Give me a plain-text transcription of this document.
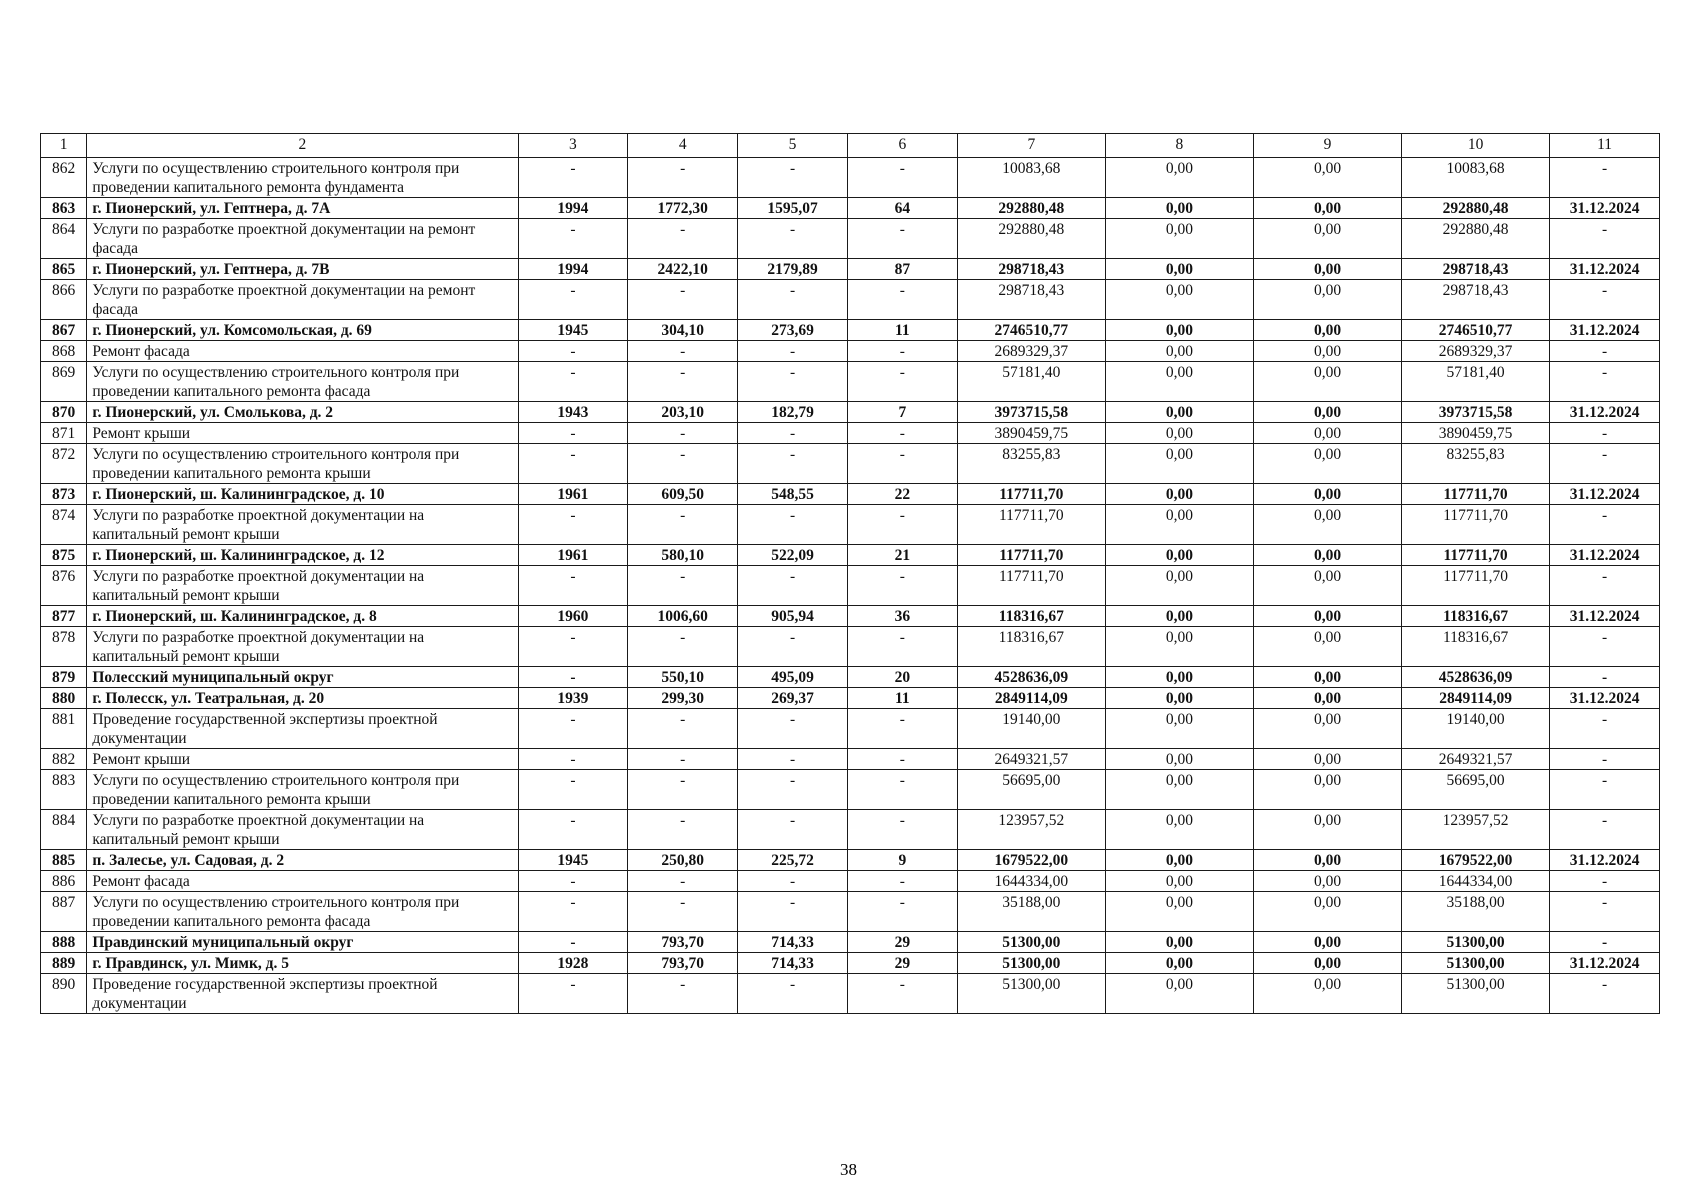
1	2	3	4	5	6	7	8	9	10	11
862	Услуги по осуществлению строительного контроля при проведении капитального ремонта фундамента	-	-	-	-	10083,68	0,00	0,00	10083,68	-
863	г. Пионерский, ул. Гептнера, д. 7А	1994	1772,30	1595,07	64	292880,48	0,00	0,00	292880,48	31.12.2024
864	Услуги по разработке проектной документации на ремонт фасада	-	-	-	-	292880,48	0,00	0,00	292880,48	-
865	г. Пионерский, ул. Гептнера, д. 7В	1994	2422,10	2179,89	87	298718,43	0,00	0,00	298718,43	31.12.2024
866	Услуги по разработке проектной документации на ремонт фасада	-	-	-	-	298718,43	0,00	0,00	298718,43	-
867	г. Пионерский, ул. Комсомольская, д. 69	1945	304,10	273,69	11	2746510,77	0,00	0,00	2746510,77	31.12.2024
868	Ремонт фасада	-	-	-	-	2689329,37	0,00	0,00	2689329,37	-
869	Услуги по осуществлению строительного контроля при проведении капитального ремонта фасада	-	-	-	-	57181,40	0,00	0,00	57181,40	-
870	г. Пионерский, ул. Смолькова, д. 2	1943	203,10	182,79	7	3973715,58	0,00	0,00	3973715,58	31.12.2024
871	Ремонт крыши	-	-	-	-	3890459,75	0,00	0,00	3890459,75	-
872	Услуги по осуществлению строительного контроля при проведении капитального ремонта крыши	-	-	-	-	83255,83	0,00	0,00	83255,83	-
873	г. Пионерский, ш. Калининградское, д. 10	1961	609,50	548,55	22	117711,70	0,00	0,00	117711,70	31.12.2024
874	Услуги по разработке проектной документации на капитальный ремонт крыши	-	-	-	-	117711,70	0,00	0,00	117711,70	-
875	г. Пионерский, ш. Калининградское, д. 12	1961	580,10	522,09	21	117711,70	0,00	0,00	117711,70	31.12.2024
876	Услуги по разработке проектной документации на капитальный ремонт крыши	-	-	-	-	117711,70	0,00	0,00	117711,70	-
877	г. Пионерский, ш. Калининградское, д. 8	1960	1006,60	905,94	36	118316,67	0,00	0,00	118316,67	31.12.2024
878	Услуги по разработке проектной документации на капитальный ремонт крыши	-	-	-	-	118316,67	0,00	0,00	118316,67	-
879	Полесский муниципальный округ	-	550,10	495,09	20	4528636,09	0,00	0,00	4528636,09	-
880	г. Полесск, ул. Театральная, д. 20	1939	299,30	269,37	11	2849114,09	0,00	0,00	2849114,09	31.12.2024
881	Проведение государственной экспертизы проектной документации	-	-	-	-	19140,00	0,00	0,00	19140,00	-
882	Ремонт крыши	-	-	-	-	2649321,57	0,00	0,00	2649321,57	-
883	Услуги по осуществлению строительного контроля при проведении капитального ремонта крыши	-	-	-	-	56695,00	0,00	0,00	56695,00	-
884	Услуги по разработке проектной документации на капитальный ремонт крыши	-	-	-	-	123957,52	0,00	0,00	123957,52	-
885	п. Залесье, ул. Садовая, д. 2	1945	250,80	225,72	9	1679522,00	0,00	0,00	1679522,00	31.12.2024
886	Ремонт фасада	-	-	-	-	1644334,00	0,00	0,00	1644334,00	-
887	Услуги по осуществлению строительного контроля при проведении капитального ремонта фасада	-	-	-	-	35188,00	0,00	0,00	35188,00	-
888	Правдинский муниципальный округ	-	793,70	714,33	29	51300,00	0,00	0,00	51300,00	-
889	г. Правдинск, ул. Мимк, д. 5	1928	793,70	714,33	29	51300,00	0,00	0,00	51300,00	31.12.2024
890	Проведение государственной экспертизы проектной документации	-	-	-	-	51300,00	0,00	0,00	51300,00	-
38
